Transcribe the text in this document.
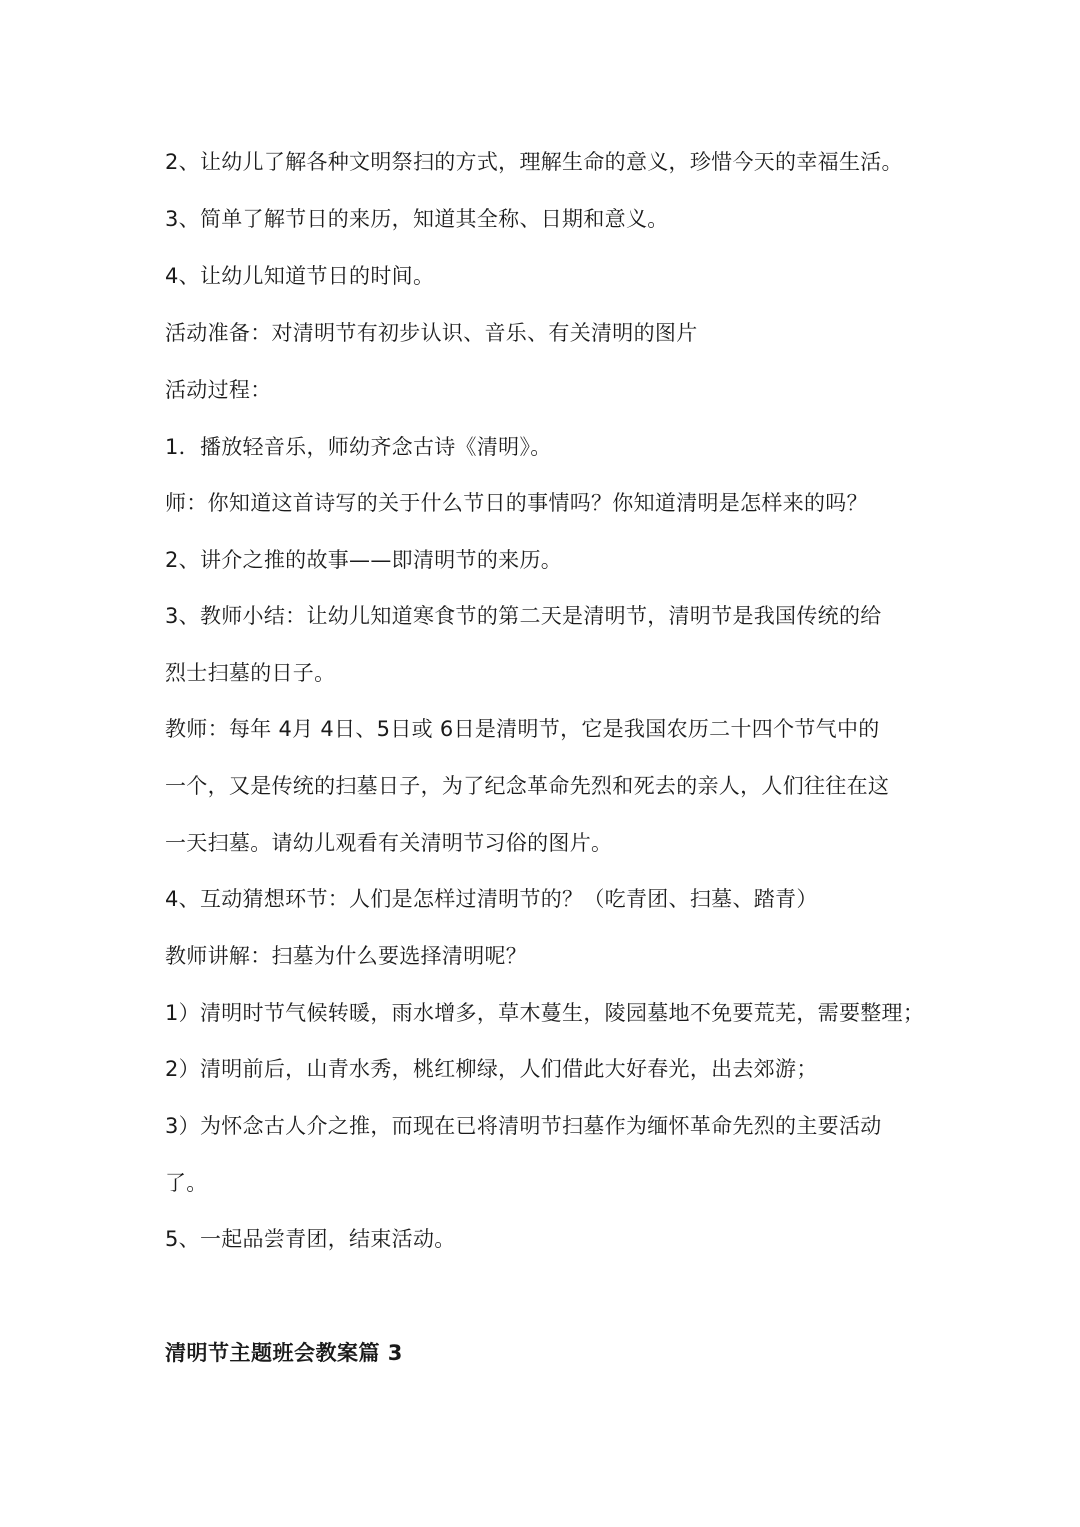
2、让幼儿了解各种文明祭扫的方式，理解生命的意义，珍惜今天的幸福生活。
3、简单了解节日的来历，知道其全称、日期和意义。
4、让幼儿知道节日的时间。
活动准备：对清明节有初步认识、音乐、有关清明的图片
活动过程：
1．播放轻音乐，师幼齐念古诗《清明》。
师：你知道这首诗写的关于什么节日的事情吗？你知道清明是怎样来的吗？
2、讲介之推的故事——即清明节的来历。
3、教师小结：让幼儿知道寒食节的第二天是清明节，清明节是我国传统的给
烈士扫墓的日子。
教师：每年 4月 4日、5日或 6日是清明节，它是我国农历二十四个节气中的
一个，又是传统的扫墓日子，为了纪念革命先烈和死去的亲人，人们往往在这
一天扫墓。请幼儿观看有关清明节习俗的图片。
4、互动猜想环节：人们是怎样过清明节的？（吃青团、扫墓、踏青）
教师讲解：扫墓为什么要选择清明呢？
1）清明时节气候转暖，雨水增多，草木蔓生，陵园墓地不免要荒芜，需要整理；
2）清明前后，山青水秀，桃红柳绿，人们借此大好春光，出去郊游；
3）为怀念古人介之推，而现在已将清明节扫墓作为缅怀革命先烈的主要活动
了。
5、一起品尝青团，结束活动。
清明节主题班会教案篇 3
